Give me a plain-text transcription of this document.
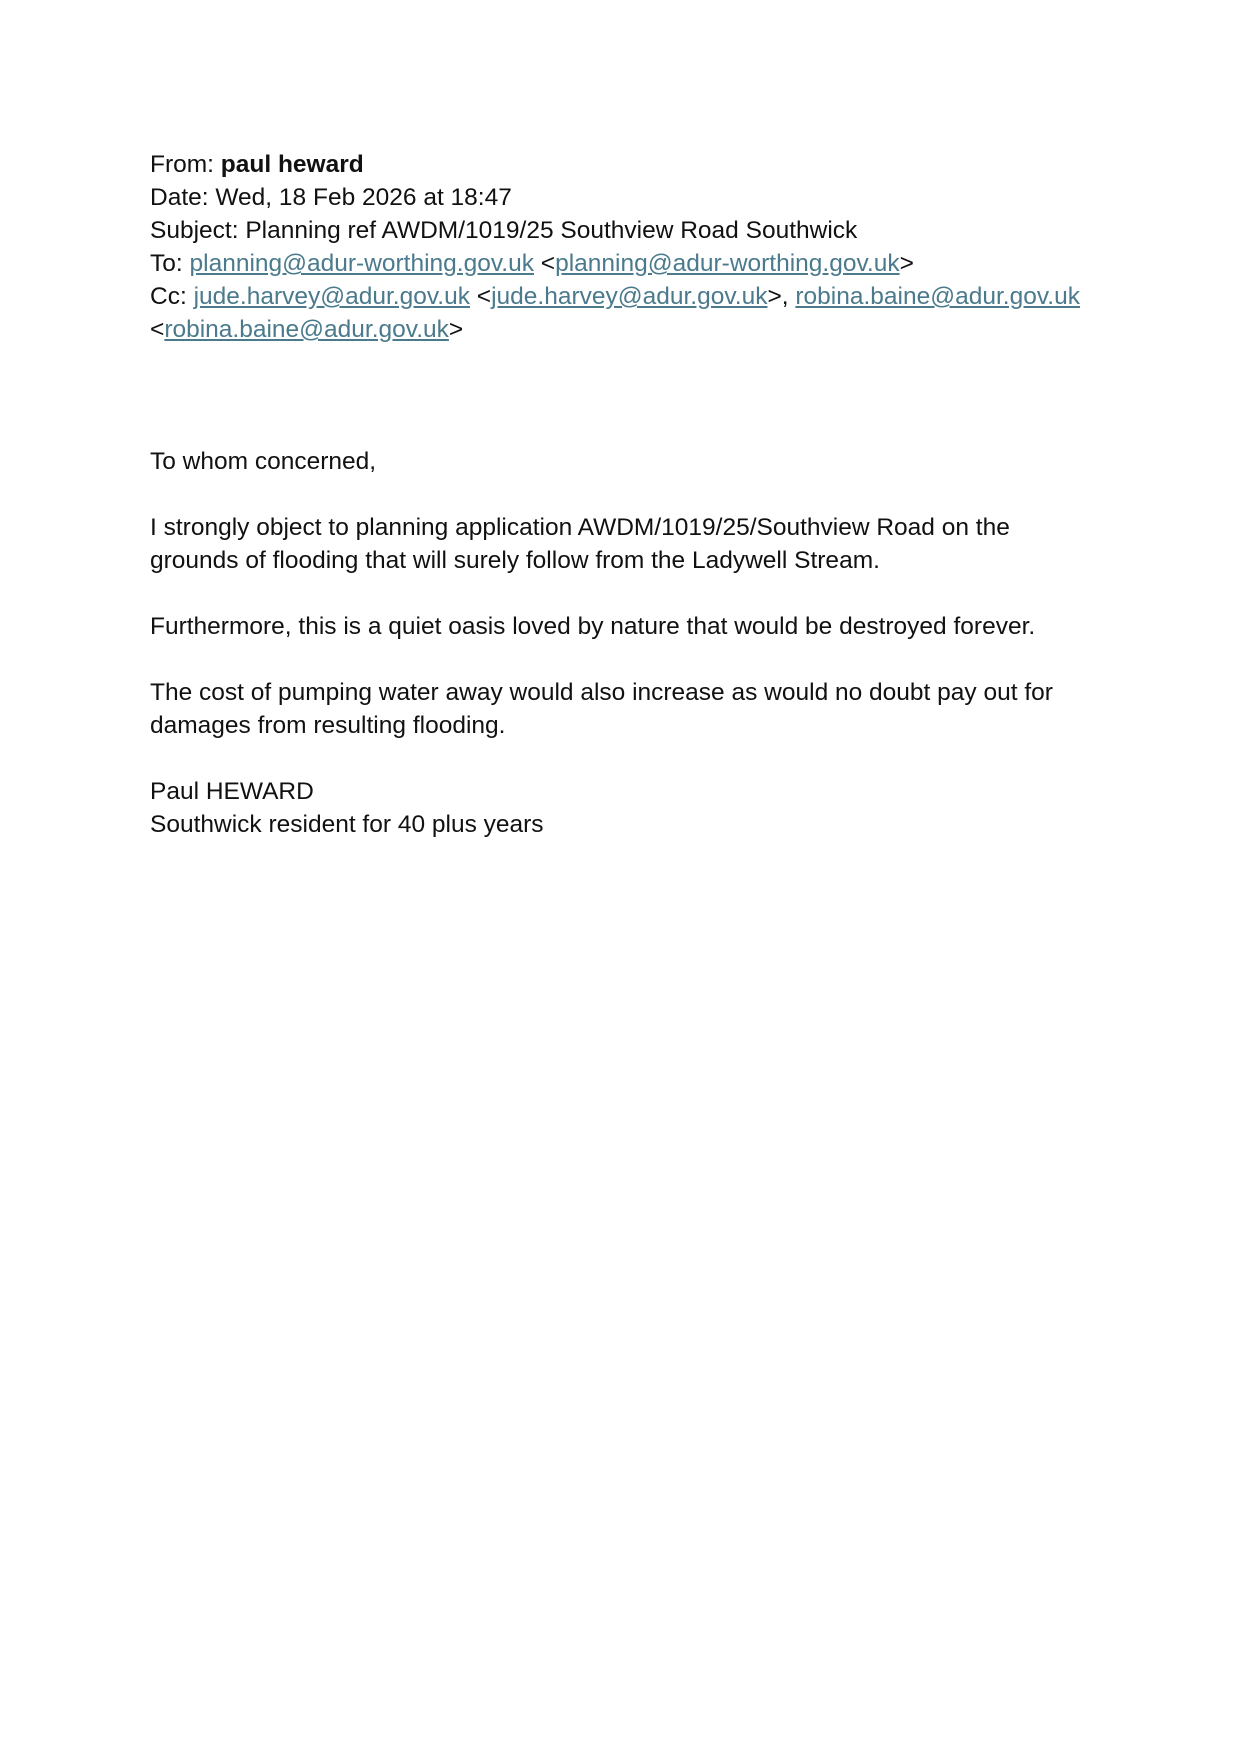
From: paul heward
Date: Wed, 18 Feb 2026 at 18:47
Subject: Planning ref AWDM/1019/25 Southview Road Southwick
To: planning@adur-worthing.gov.uk <planning@adur-worthing.gov.uk>
Cc: jude.harvey@adur.gov.uk <jude.harvey@adur.gov.uk>, robina.baine@adur.gov.uk <robina.baine@adur.gov.uk>

To whom concerned,

I strongly object to planning application AWDM/1019/25/Southview Road on the grounds of flooding that will surely follow from the Ladywell Stream.

Furthermore, this is a quiet oasis loved by nature that would be destroyed forever.

The cost of pumping water away would also increase as would no doubt pay out for damages from resulting flooding.

Paul HEWARD
Southwick resident for 40 plus years
